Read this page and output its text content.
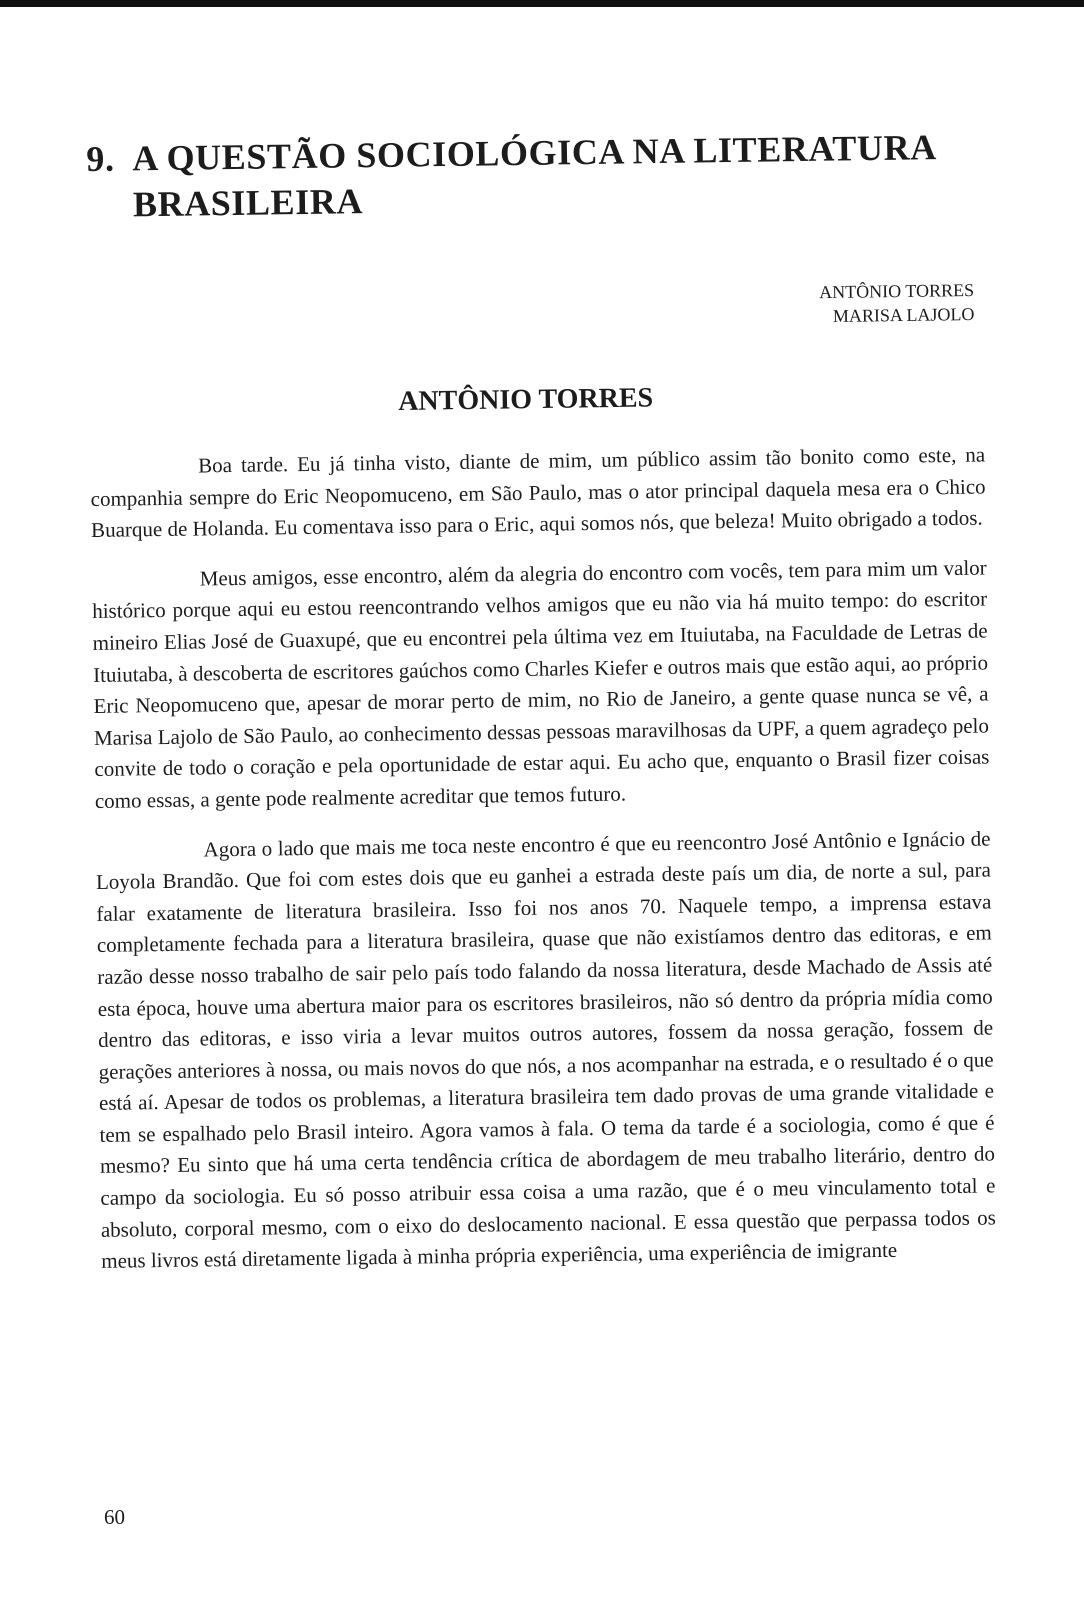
9. A QUESTÃO SOCIOLÓGICA NA LITERATURA
BRASILEIRA
ANTÔNIO TORRES
MARISA LAJOLO
ANTÔNIO TORRES

Boa tarde. Eu já tinha visto, diante de mim, um público assim tão bonito como este, na companhia sempre do Eric Neopomuceno, em São Paulo, mas o ator principal daquela mesa era o Chico Buarque de Holanda. Eu comentava isso para o Eric, aqui somos nós, que beleza! Muito obrigado a todos.

Meus amigos, esse encontro, além da alegria do encontro com vocês, tem para mim um valor histórico porque aqui eu estou reencontrando velhos amigos que eu não via há muito tempo: do escritor mineiro Elias José de Guaxupé, que eu encontrei pela última vez em Ituiutaba, na Faculdade de Letras de Ituiutaba, à descoberta de escritores gaúchos como Charles Kiefer e outros mais que estão aqui, ao próprio Eric Neopomuceno que, apesar de morar perto de mim, no Rio de Janeiro, a gente quase nunca se vê, a Marisa Lajolo de São Paulo, ao conhecimento dessas pessoas maravilhosas da UPF, a quem agradeço pelo convite de todo o coração e pela oportunidade de estar aqui. Eu acho que, enquanto o Brasil fizer coisas como essas, a gente pode realmente acreditar que temos futuro.

Agora o lado que mais me toca neste encontro é que eu reencontro José Antônio e Ignácio de Loyola Brandão. Que foi com estes dois que eu ganhei a estrada deste país um dia, de norte a sul, para falar exatamente de literatura brasileira. Isso foi nos anos 70. Naquele tempo, a imprensa estava completamente fechada para a literatura brasileira, quase que não existíamos dentro das editoras, e em razão desse nosso trabalho de sair pelo país todo falando da nossa literatura, desde Machado de Assis até esta época, houve uma abertura maior para os escritores brasileiros, não só dentro da própria mídia como dentro das editoras, e isso viria a levar muitos outros autores, fossem da nossa geração, fossem de gerações anteriores à nossa, ou mais novos do que nós, a nos acompanhar na estrada, e o resultado é o que está aí. Apesar de todos os problemas, a literatura brasileira tem dado provas de uma grande vitalidade e tem se espalhado pelo Brasil inteiro. Agora vamos à fala. O tema da tarde é a sociologia, como é que é mesmo? Eu sinto que há uma certa tendência crítica de abordagem de meu trabalho literário, dentro do campo da sociologia. Eu só posso atribuir essa coisa a uma razão, que é o meu vinculamento total e absoluto, corporal mesmo, com o eixo do deslocamento nacional. E essa questão que perpassa todos os meus livros está diretamente ligada à minha própria experiência, uma experiência de imigrante

60
